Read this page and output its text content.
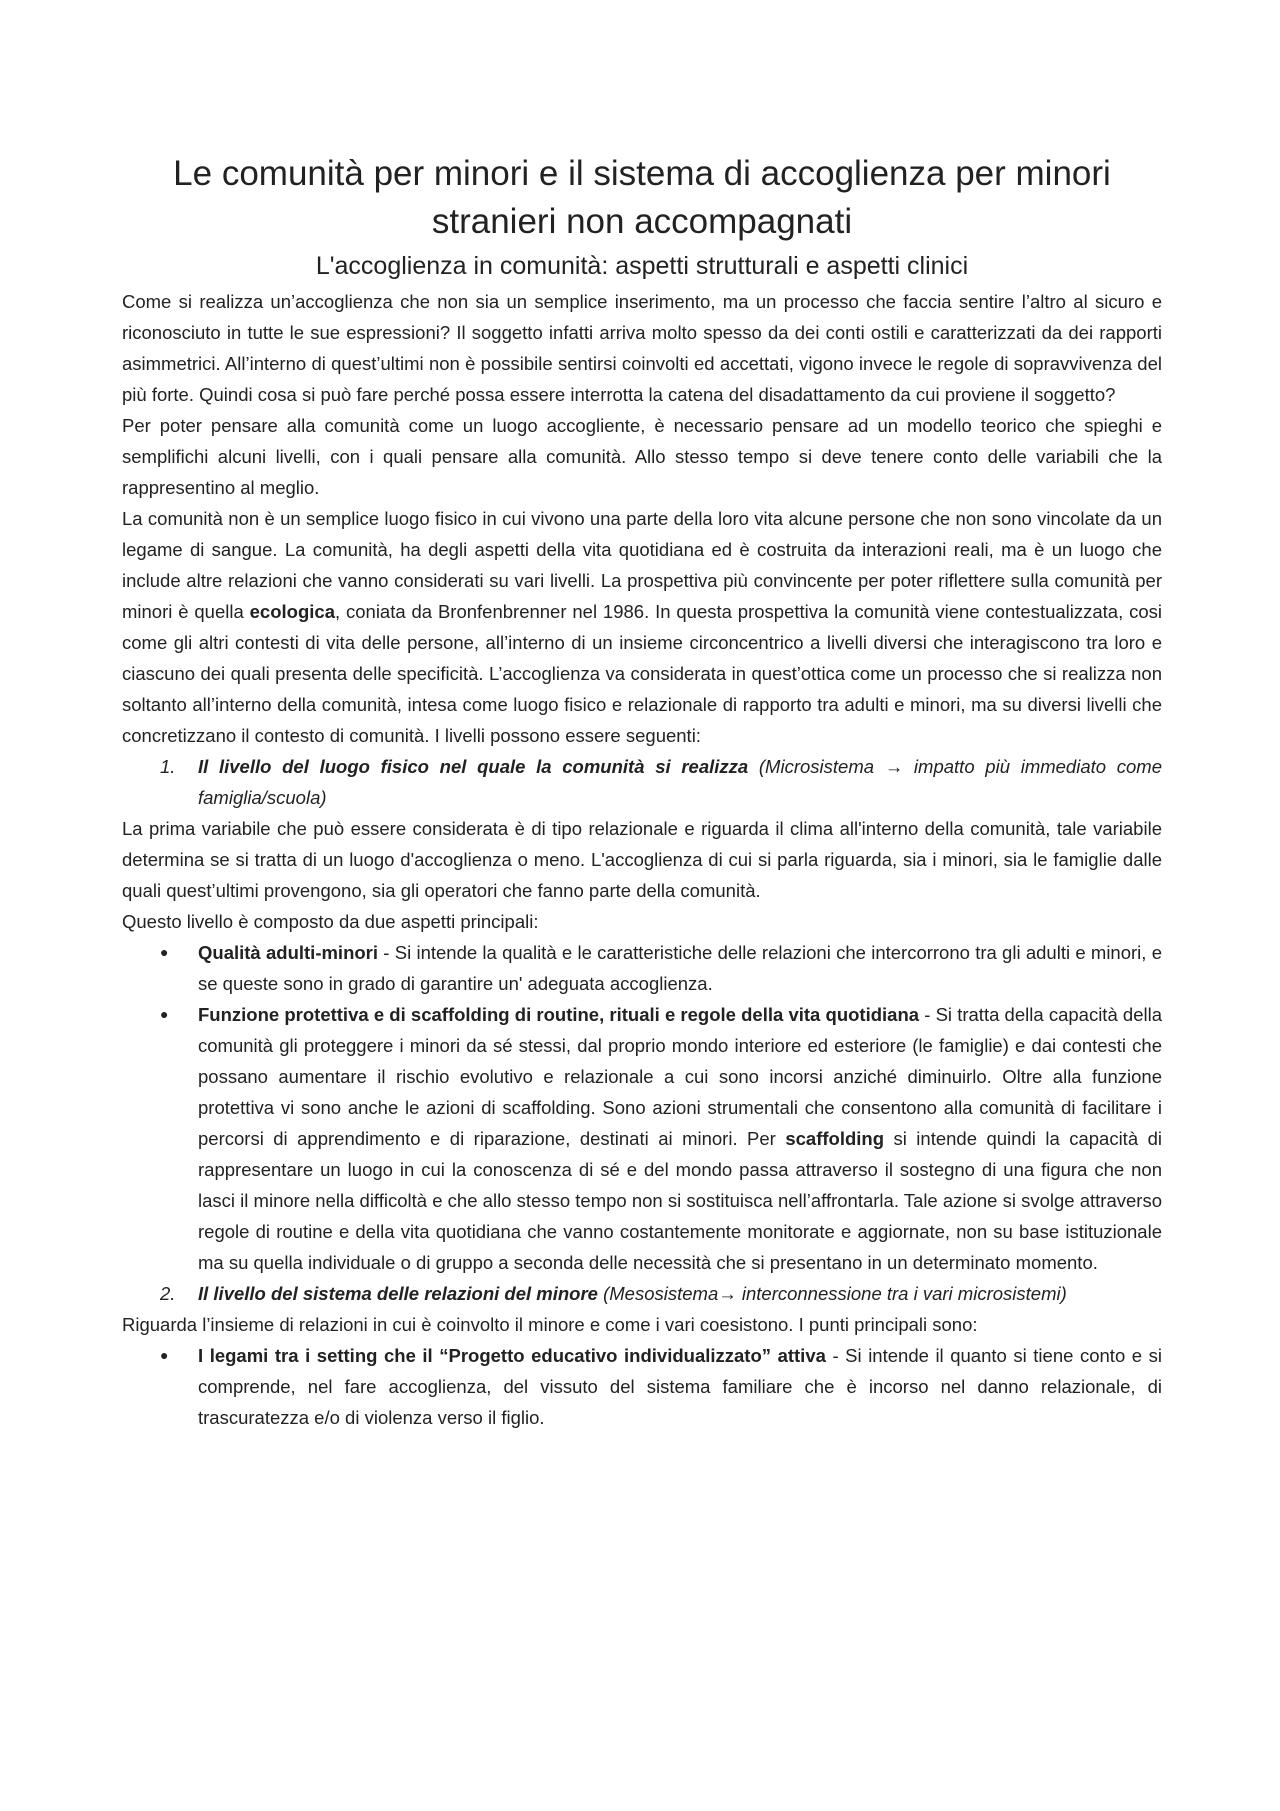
Le comunità per minori e il sistema di accoglienza per minori stranieri non accompagnati
L'accoglienza in comunità: aspetti strutturali e aspetti clinici

Come si realizza un’accoglienza che non sia un semplice inserimento, ma un processo che faccia sentire l’altro al sicuro e riconosciuto in tutte le sue espressioni? Il soggetto infatti arriva molto spesso da dei conti ostili e caratterizzati da dei rapporti asimmetrici. All’interno di quest’ultimi non è possibile sentirsi coinvolti ed accettati, vigono invece le regole di sopravvivenza del più forte. Quindi cosa si può fare perché possa essere interrotta la catena del disadattamento da cui proviene il soggetto?

Per poter pensare alla comunità come un luogo accogliente, è necessario pensare ad un modello teorico che spieghi e semplifichi alcuni livelli, con i quali pensare alla comunità. Allo stesso tempo si deve tenere conto delle variabili che la rappresentino al meglio.

La comunità non è un semplice luogo fisico in cui vivono una parte della loro vita alcune persone che non sono vincolate da un legame di sangue. La comunità, ha degli aspetti della vita quotidiana ed è costruita da interazioni reali, ma è un luogo che include altre relazioni che vanno considerati su vari livelli. La prospettiva più convincente per poter riflettere sulla comunità per minori è quella ecologica, coniata da Bronfenbrenner nel 1986. In questa prospettiva la comunità viene contestualizzata, cosi come gli altri contesti di vita delle persone, all’interno di un insieme circoncentrico a livelli diversi che interagiscono tra loro e ciascuno dei quali presenta delle specificità. L’accoglienza va considerata in quest’ottica come un processo che si realizza non soltanto all’interno della comunità, intesa come luogo fisico e relazionale di rapporto tra adulti e minori, ma su diversi livelli che concretizzano il contesto di comunità. I livelli possono essere seguenti:

1.	Il livello del luogo fisico nel quale la comunità si realizza (Microsistema → impatto più immediato come famiglia/scuola)

La prima variabile che può essere considerata è di tipo relazionale e riguarda il clima all'interno della comunità, tale variabile determina se si tratta di un luogo d'accoglienza o meno. L'accoglienza di cui si parla riguarda, sia i minori, sia le famiglie dalle quali quest’ultimi provengono, sia gli operatori che fanno parte della comunità.

Questo livello è composto da due aspetti principali:

●	Qualità adulti-minori - Si intende la qualità e le caratteristiche delle relazioni che intercorrono tra gli adulti e minori, e se queste sono in grado di garantire un' adeguata accoglienza.
●	Funzione protettiva e di scaffolding di routine, rituali e regole della vita quotidiana - Si tratta della capacità della comunità gli proteggere i minori da sé stessi, dal proprio mondo interiore ed esteriore (le famiglie) e dai contesti che possano aumentare il rischio evolutivo e relazionale a cui sono incorsi anziché diminuirlo. Oltre alla funzione protettiva vi sono anche le azioni di scaffolding. Sono azioni strumentali che consentono alla comunità di facilitare i percorsi di apprendimento e di riparazione, destinati ai minori. Per scaffolding si intende quindi la capacità di rappresentare un luogo in cui la conoscenza di sé e del mondo passa attraverso il sostegno di una figura che non lasci il minore nella difficoltà e che allo stesso tempo non si sostituisca nell’affrontarla. Tale azione si svolge attraverso regole di routine e della vita quotidiana che vanno costantemente monitorate e aggiornate, non su base istituzionale ma su quella individuale o di gruppo a seconda delle necessità che si presentano in un determinato momento.
2.	Il livello del sistema delle relazioni del minore (Mesosistema→ interconnessione tra i vari microsistemi)

Riguarda l’insieme di relazioni in cui è coinvolto il minore e come i vari coesistono. I punti principali sono:

●	I legami tra i setting che il “Progetto educativo individualizzato” attiva - Si intende il quanto si tiene conto e si comprende, nel fare accoglienza, del vissuto del sistema familiare che è incorso nel danno relazionale, di trascuratezza e/o di violenza verso il figlio.
